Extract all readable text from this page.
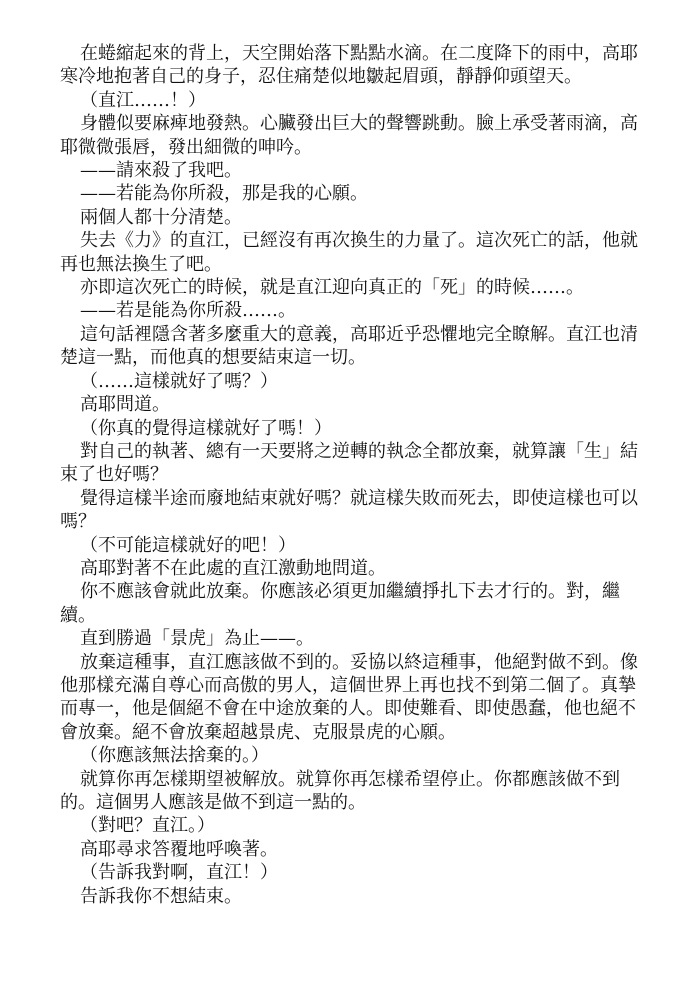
在蜷縮起來的背上，天空開始落下點點水滴。在二度降下的雨中，高耶寒冷地抱著自己的身子，忍住痛楚似地皺起眉頭，靜靜仰頭望天。

（直江……！）

身體似要麻痺地發熱。心臟發出巨大的聲響跳動。臉上承受著雨滴，高耶微微張唇，發出細微的呻吟。

——請來殺了我吧。

——若能為你所殺，那是我的心願。

兩個人都十分清楚。

失去《力》的直江，已經沒有再次換生的力量了。這次死亡的話，他就再也無法換生了吧。

亦即這次死亡的時候，就是直江迎向真正的「死」的時候……。

——若是能為你所殺……。

這句話裡隱含著多麼重大的意義，高耶近乎恐懼地完全瞭解。直江也清楚這一點，而他真的想要結束這一切。

（……這樣就好了嗎？）

高耶問道。

（你真的覺得這樣就好了嗎！）

對自己的執著、總有一天要將之逆轉的執念全都放棄，就算讓「生」結束了也好嗎？

覺得這樣半途而廢地結束就好嗎？就這樣失敗而死去，即使這樣也可以嗎？

（不可能這樣就好的吧！）

高耶對著不在此處的直江激動地問道。

你不應該會就此放棄。你應該必須更加繼續掙扎下去才行的。對，繼續。

直到勝過「景虎」為止——。

放棄這種事，直江應該做不到的。妥協以終這種事，他絕對做不到。像他那樣充滿自尊心而高傲的男人，這個世界上再也找不到第二個了。真摯而專一，他是個絕不會在中途放棄的人。即使難看、即使愚蠢，他也絕不會放棄。絕不會放棄超越景虎、克服景虎的心願。

（你應該無法捨棄的。）

就算你再怎樣期望被解放。就算你再怎樣希望停止。你都應該做不到的。這個男人應該是做不到這一點的。

（對吧？直江。）

高耶尋求答覆地呼喚著。

（告訴我對啊，直江！）

告訴我你不想結束。
